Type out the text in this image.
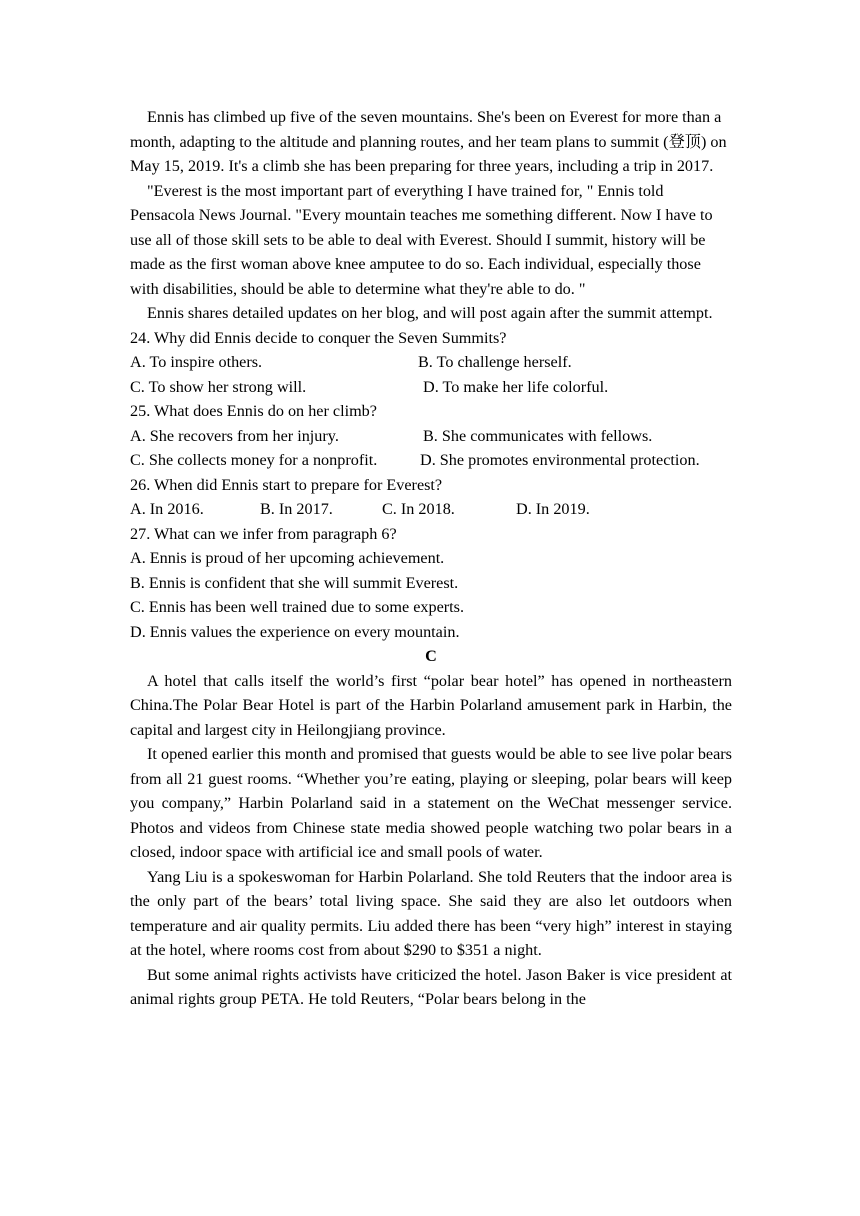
Ennis has climbed up five of the seven mountains. She's been on Everest for more than a month, adapting to the altitude and planning routes, and her team plans to summit (登顶) on May 15, 2019. It's a climb she has been preparing for three years, including a trip in 2017.

"Everest is the most important part of everything I have trained for, " Ennis told Pensacola News Journal. "Every mountain teaches me something different. Now I have to use all of those skill sets to be able to deal with Everest. Should I summit, history will be made as the first woman above knee amputee to do so. Each individual, especially those with disabilities, should be able to determine what they're able to do. "

Ennis shares detailed updates on her blog, and will post again after the summit attempt.

24. Why did Ennis decide to conquer the Seven Summits?

A. To inspire others.	B. To challenge herself.
C. To show her strong will.	D. To make her life colorful.

25. What does Ennis do on her climb?

A. She recovers from her injury.	B. She communicates with fellows.
C. She collects money for a nonprofit.	D. She promotes environmental protection.

26. When did Ennis start to prepare for Everest?

A. In 2016.	B. In 2017.	C. In 2018.	D. In 2019.

27. What can we infer from paragraph 6?

A. Ennis is proud of her upcoming achievement.

B. Ennis is confident that she will summit Everest.

C. Ennis has been well trained due to some experts.

D. Ennis values the experience on every mountain.

C

A hotel that calls itself the world’s first “polar bear hotel” has opened in northeastern China.The Polar Bear Hotel is part of the Harbin Polarland amusement park in Harbin, the capital and largest city in Heilongjiang province.

It opened earlier this month and promised that guests would be able to see live polar bears from all 21 guest rooms. “Whether you’re eating, playing or sleeping, polar bears will keep you company,” Harbin Polarland said in a statement on the WeChat messenger service. Photos and videos from Chinese state media showed people watching two polar bears in a closed, indoor space with artificial ice and small pools of water.

Yang Liu is a spokeswoman for Harbin Polarland. She told Reuters that the indoor area is the only part of the bears’ total living space. She said they are also let outdoors when temperature and air quality permits. Liu added there has been “very high” interest in staying at the hotel, where rooms cost from about $290 to $351 a night.

But some animal rights activists have criticized the hotel. Jason Baker is vice president at animal rights group PETA. He told Reuters, “Polar bears belong in the
